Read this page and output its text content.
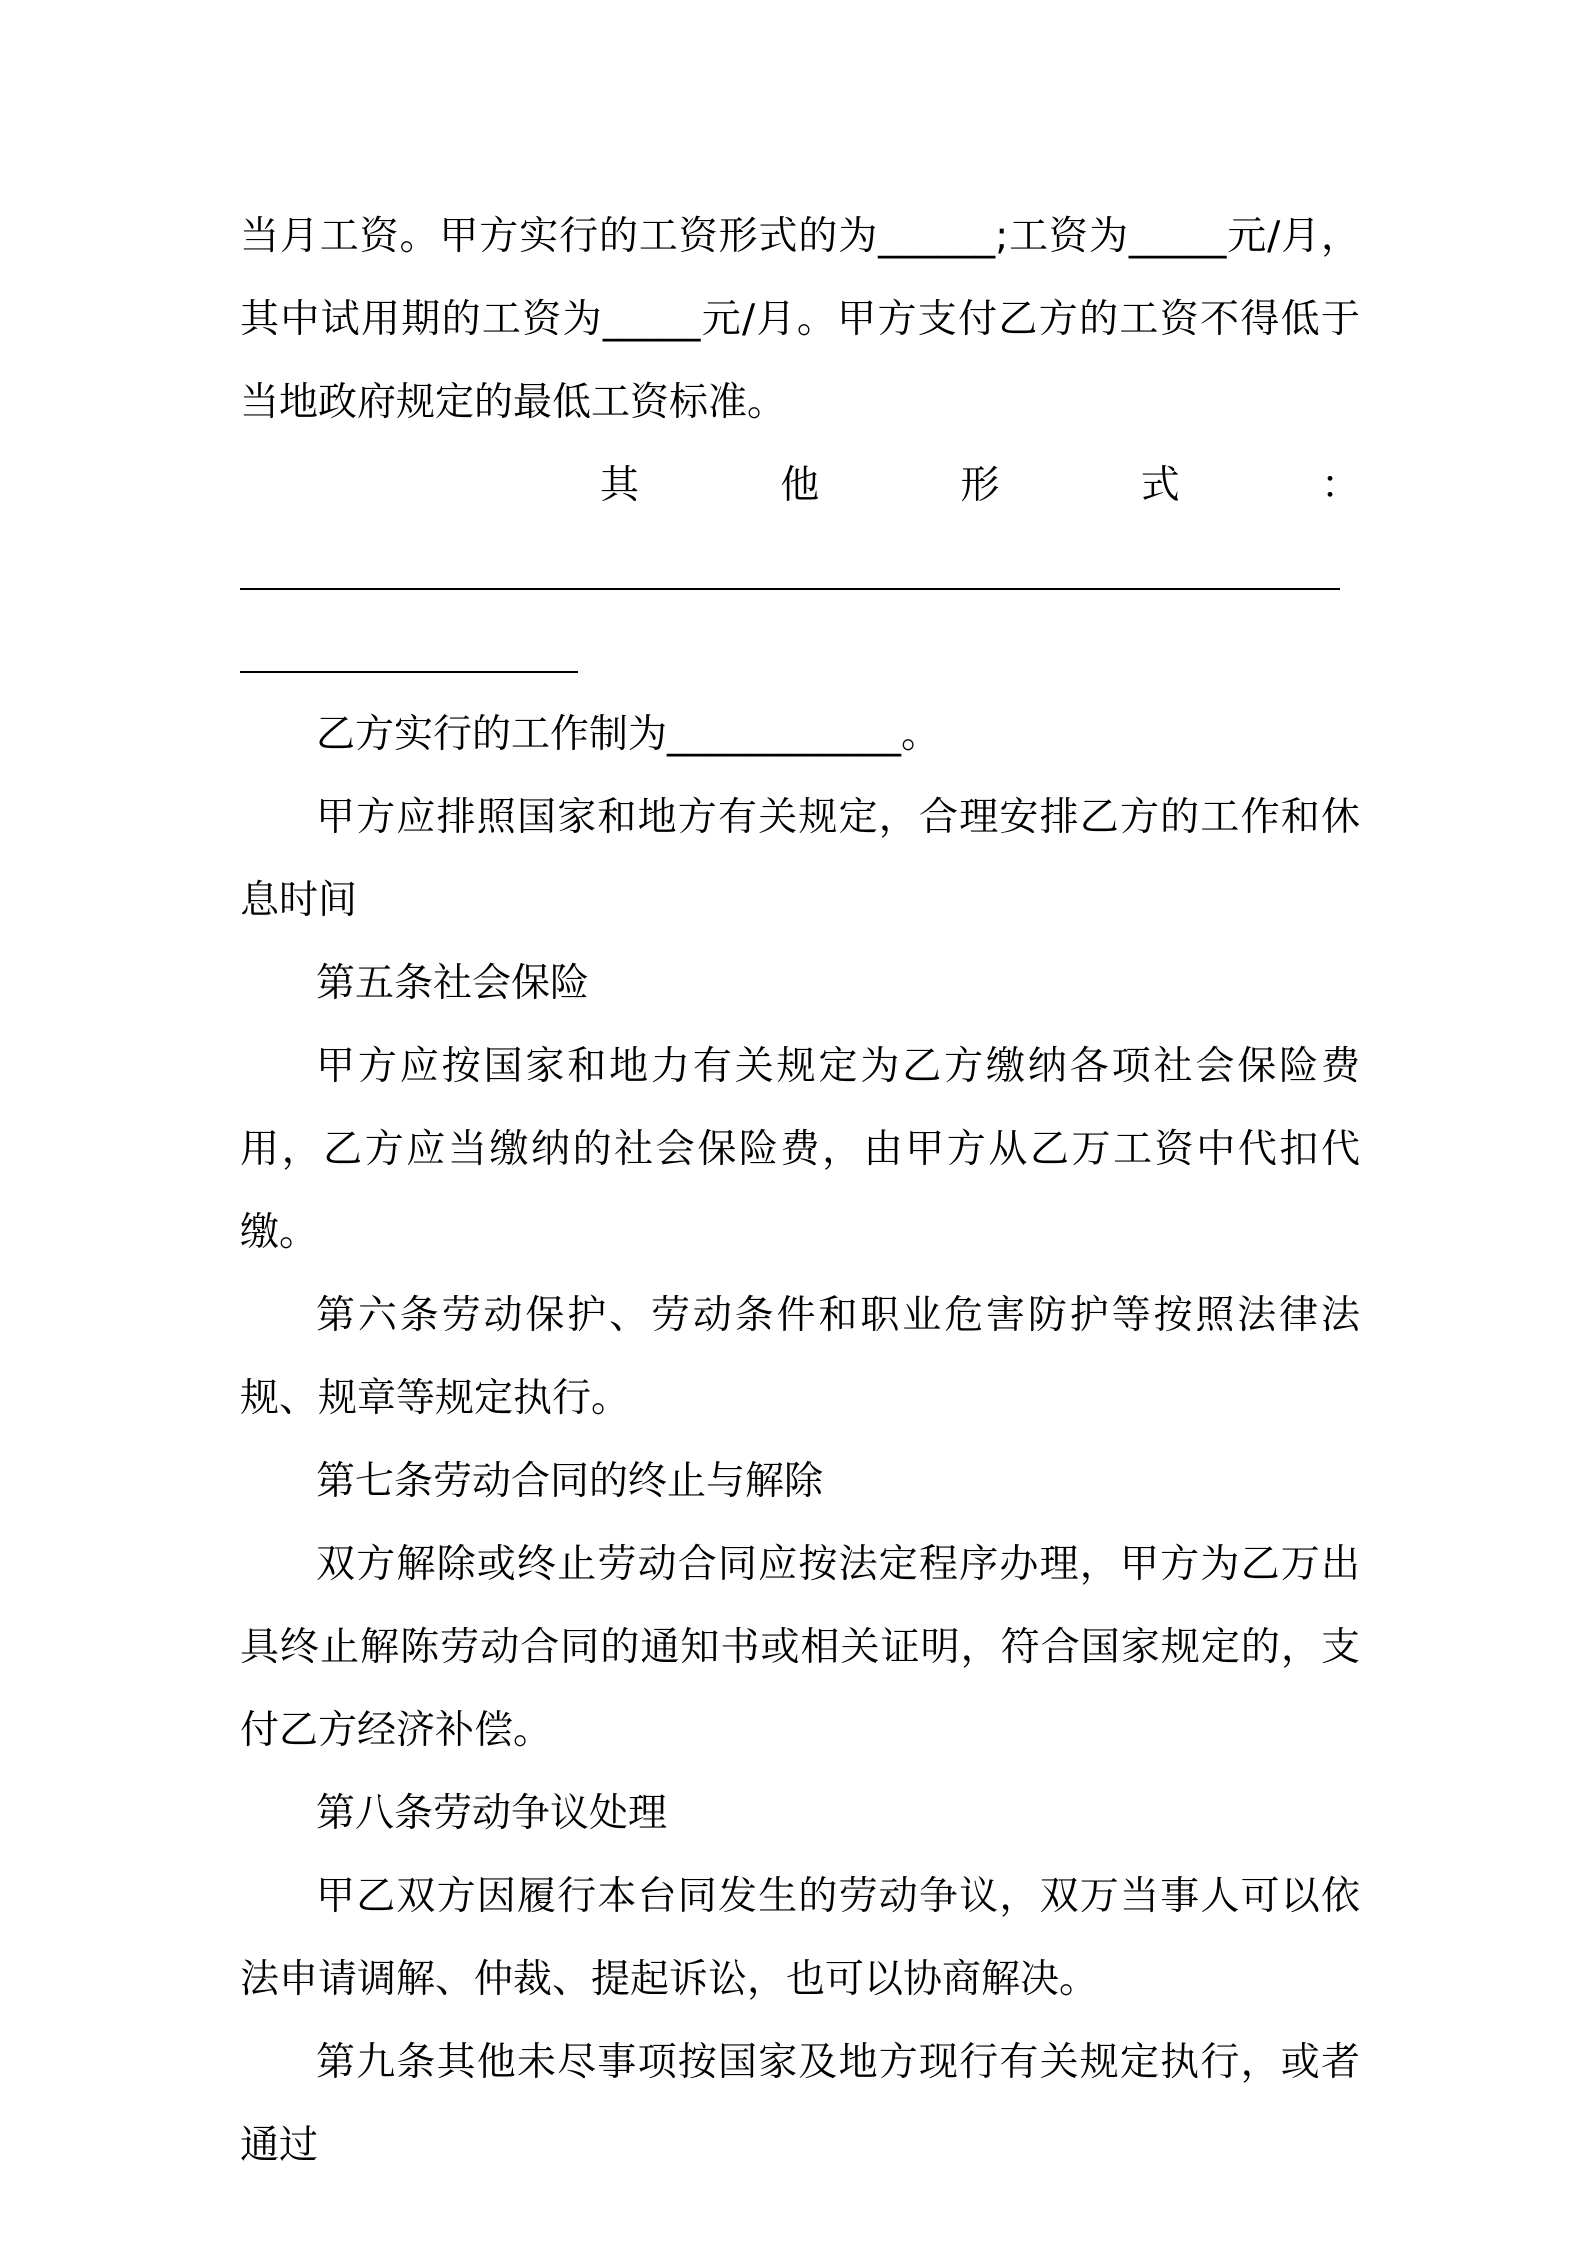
当月工资。甲方实行的工资形式的为______;工资为_____元/月，其中试用期的工资为_____元/月。甲方支付乙方的工资不得低于当地政府规定的最低工资标准。

其	他	形	式	：

乙方实行的工作制为____________。

甲方应排照国家和地方有关规定，合理安排乙方的工作和休息时间

第五条社会保险

甲方应按国家和地力有关规定为乙方缴纳各项社会保险费用，乙方应当缴纳的社会保险费，由甲方从乙万工资中代扣代缴。

第六条劳动保护、劳动条件和职业危害防护等按照法律法规、规章等规定执行。

第七条劳动合同的终止与解除

双方解除或终止劳动合同应按法定程序办理，甲方为乙万出具终止解陈劳动合同的通知书或相关证明，符合国家规定的，支付乙方经济补偿。

第八条劳动争议处理

甲乙双方因履行本台同发生的劳动争议，双万当事人可以依法申请调解、仲裁、提起诉讼，也可以协商解决。

第九条其他未尽事项按国家及地方现行有关规定执行，或者通过
